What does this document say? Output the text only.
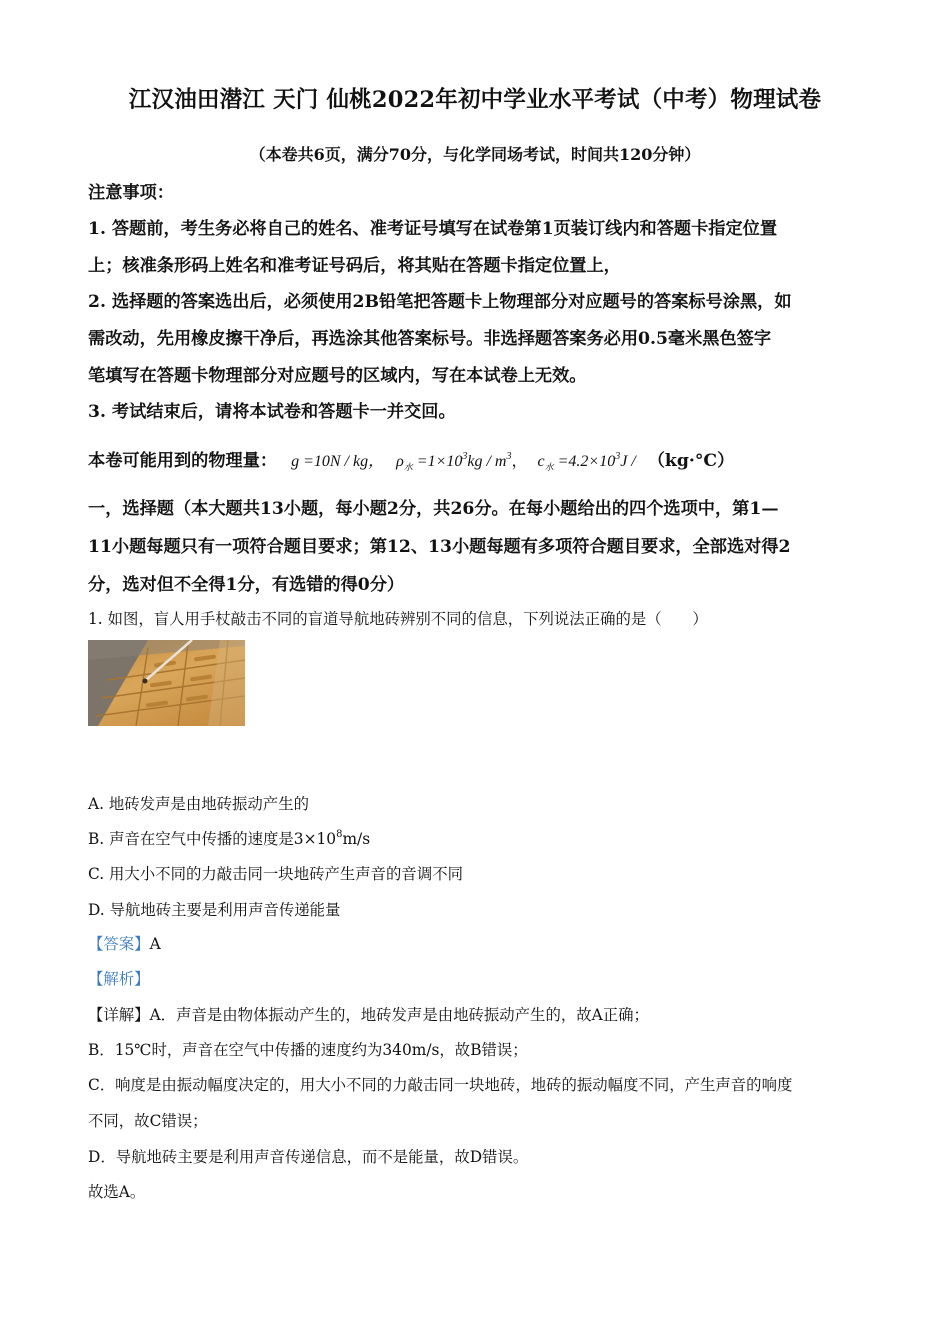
江汉油田潜江 天门 仙桃2022年初中学业水平考试（中考）物理试卷
（本卷共6页，满分70分，与化学同场考试，时间共120分钟）
注意事项：
1. 答题前，考生务必将自己的姓名、准考证号填写在试卷第1页装订线内和答题卡指定位置
上；核准条形码上姓名和准考证号码后，将其贴在答题卡指定位置上，
2. 选择题的答案选出后，必须使用2B铅笔把答题卡上物理部分对应题号的答案标号涂黑，如
需改动，先用橡皮擦干净后，再选涂其他答案标号。非选择题答案务必用0.5毫米黑色签字
笔填写在答题卡物理部分对应题号的区域内，写在本试卷上无效。
3. 考试结束后，请将本试卷和答题卡一并交回。
本卷可能用到的物理量： g =10N / kg， $\rho_水 =1\times 10^3kg / m^3$， $c_水 =4.2\times 10^3J / (kg\cdot^\circ C)$
一，选择题（本大题共13小题，每小题2分，共26分。在每小题给出的四个选项中，第1—
11小题每题只有一项符合题目要求；第12、13小题每题有多项符合题目要求，全部选对得2
分，选对但不全得1分，有选错的得0分）
1. 如图，盲人用手杖敲击不同的盲道导航地砖辨别不同的信息，下列说法正确的是（　　）
A. 地砖发声是由地砖振动产生的
B. 声音在空气中传播的速度是$3\times 10^8m/s$
C. 用大小不同的力敲击同一块地砖产生声音的音调不同
D. 导航地砖主要是利用声音传递能量
【答案】A
【解析】
【详解】A．声音是由物体振动产生的，地砖发声是由地砖振动产生的，故A正确；
B．15℃时，声音在空气中传播的速度约为340m/s，故B错误；
C．响度是由振动幅度决定的，用大小不同的力敲击同一块地砖，地砖的振动幅度不同，产生声音的响度
不同，故C错误；
D．导航地砖主要是利用声音传递信息，而不是能量，故D错误。
故选A。
